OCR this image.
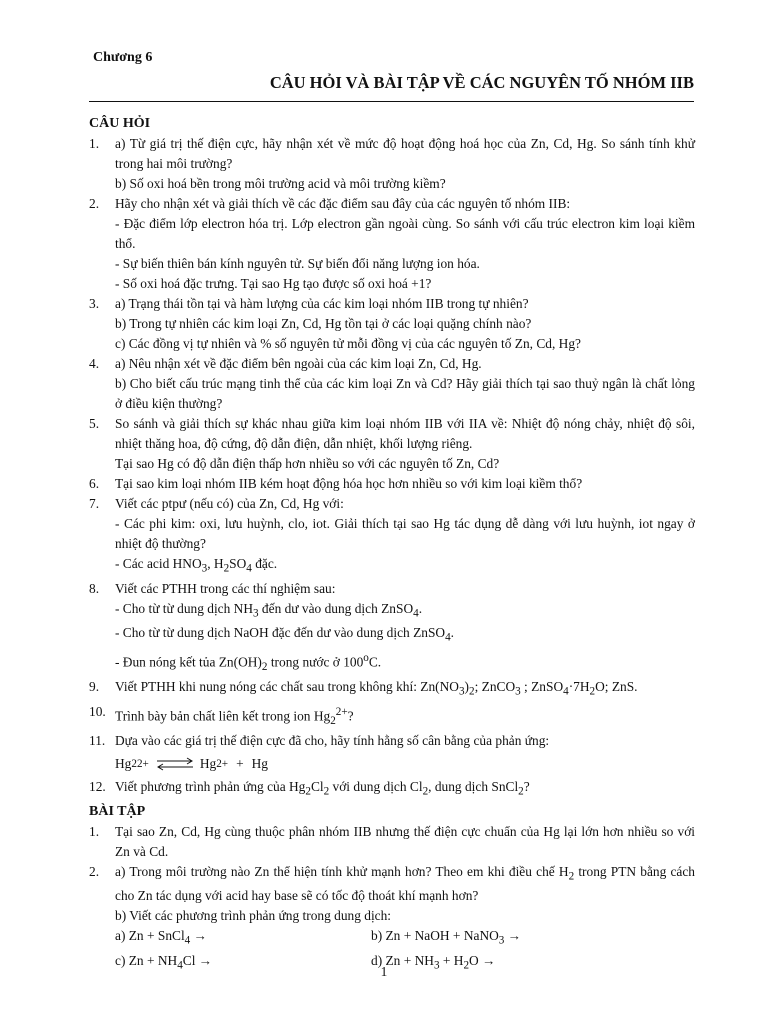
Chương 6
CÂU HỎI VÀ BÀI TẬP VỀ CÁC NGUYÊN TỐ NHÓM IIB
CÂU HỎI
1. a) Từ giá trị thế điện cực, hãy nhận xét về mức độ hoạt động hoá học của Zn, Cd, Hg. So sánh tính khử trong hai môi trường?
b) Số oxi hoá bền trong môi trường acid và môi trường kiềm?
2. Hãy cho nhận xét và giải thích về các đặc điểm sau đây của các nguyên tố nhóm IIB:
- Đặc điểm lớp electron hóa trị. Lớp electron gần ngoài cùng. So sánh với cấu trúc electron kim loại kiềm thổ.
- Sự biến thiên bán kính nguyên tử. Sự biến đổi năng lượng ion hóa.
- Số oxi hoá đặc trưng. Tại sao Hg tạo được số oxi hoá +1?
3. a) Trạng thái tồn tại và hàm lượng của các kim loại nhóm IIB trong tự nhiên?
b) Trong tự nhiên các kim loại Zn, Cd, Hg tồn tại ở các loại quặng chính nào?
c) Các đồng vị tự nhiên và % số nguyên tử mỗi đồng vị của các nguyên tố Zn, Cd, Hg?
4. a) Nêu nhận xét về đặc điểm bên ngoài của các kim loại Zn, Cd, Hg.
b) Cho biết cấu trúc mạng tinh thể của các kim loại Zn và Cd? Hãy giải thích tại sao thuỷ ngân là chất lỏng ở điều kiện thường?
5. So sánh và giải thích sự khác nhau giữa kim loại nhóm IIB với IIA về: Nhiệt độ nóng chảy, nhiệt độ sôi, nhiệt thăng hoa, độ cứng, độ dẫn điện, dẫn nhiệt, khối lượng riêng.
Tại sao Hg có độ dẫn điện thấp hơn nhiều so với các nguyên tố Zn, Cd?
6. Tại sao kim loại nhóm IIB kém hoạt động hóa học hơn nhiều so với kim loại kiềm thổ?
7. Viết các ptpư (nếu có) của Zn, Cd, Hg với:
- Các phi kim: oxi, lưu huỳnh, clo, iot. Giải thích tại sao Hg tác dụng dễ dàng với lưu huỳnh, iot ngay ở nhiệt độ thường?
- Các acid $HNO_3$, $H_2SO_4$ đặc.
8. Viết các PTHH trong các thí nghiệm sau:
- Cho từ từ dung dịch $NH_3$ đến dư vào dung dịch ZnSO$_4$.
- Cho từ từ dung dịch NaOH đặc đến dư vào dung dịch ZnSO$_4$.
- Đun nóng kết tủa $Zn(OH)_2$ trong nước ở 100$^o$C.
9. Viết PTHH khi nung nóng các chất sau trong không khí: $Zn(NO_3)_2$; ZnCO$_3$ ; $ZnSO_4\cdot 7H_2O$; ZnS.
10. Trình bày bản chất liên kết trong ion $Hg_2^{2+}$?
11. Dựa vào các giá trị thế điện cực đã cho, hãy tính hằng số cân bằng của phản ứng:
Hg 2 2+ ⇌ Hg 2+ + Hg
12. Viết phương trình phản ứng của $Hg_2Cl_2$ với dung dịch $Cl_2$, dung dịch SnCl$_2$?
BÀI TẬP
1. Tại sao Zn, Cd, Hg cùng thuộc phân nhóm IIB nhưng thế điện cực chuẩn của Hg lại lớn hơn nhiều so với Zn và Cd.
2. a) Trong môi trường nào Zn thể hiện tính khử mạnh hơn? Theo em khi điều chế $H_2$ trong PTN bằng cách cho Zn tác dụng với acid hay base sẽ có tốc độ thoát khí mạnh hơn?
b) Viết các phương trình phản ứng trong dung dịch:
a) Zn + SnCl$_4$ →	b) Zn + NaOH + NaNO$_3$ →
c) $Zn + NH_4Cl$ →	d) $Zn + NH_3 + H_2O$ →
1
